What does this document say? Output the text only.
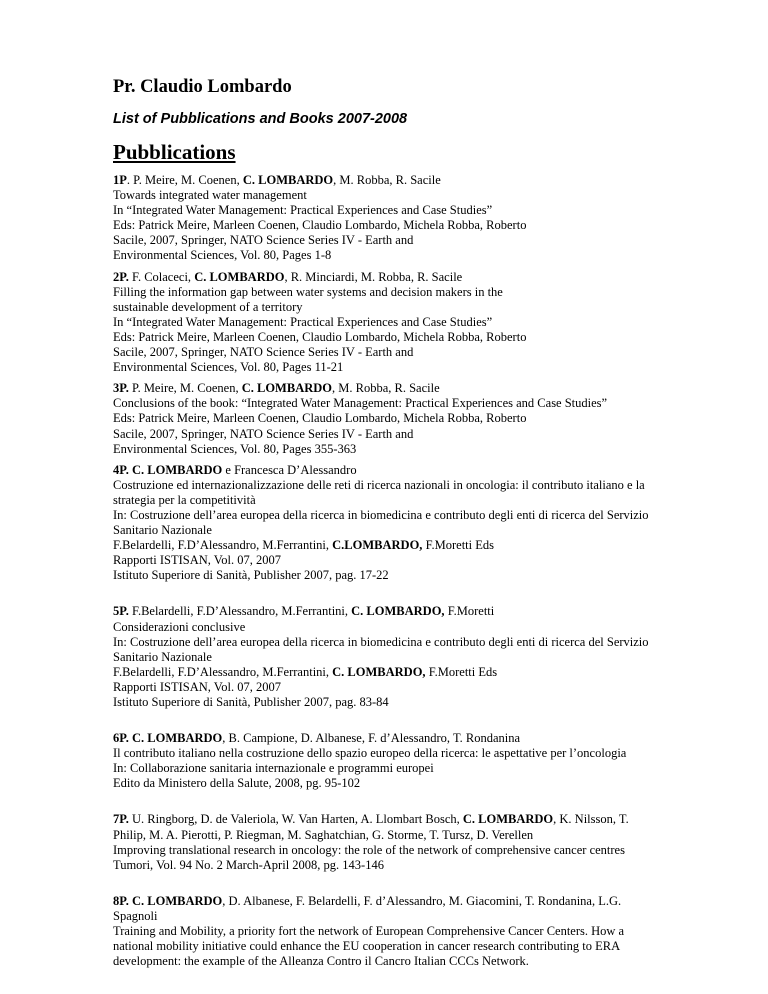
Pr. Claudio Lombardo
List of Pubblications and Books 2007-2008
Pubblications
1P. P. Meire, M. Coenen, C. LOMBARDO, M. Robba, R. Sacile
Towards integrated water management
In “Integrated Water Management: Practical Experiences and Case Studies”
Eds: Patrick Meire, Marleen Coenen, Claudio Lombardo, Michela Robba, Roberto
Sacile, 2007, Springer, NATO Science Series IV - Earth and
Environmental Sciences, Vol. 80, Pages 1-8
2P. F. Colaceci, C. LOMBARDO, R. Minciardi, M. Robba, R. Sacile
Filling the information gap between water systems and decision makers in the
sustainable development of a territory
In “Integrated Water Management: Practical Experiences and Case Studies”
Eds: Patrick Meire, Marleen Coenen, Claudio Lombardo, Michela Robba, Roberto
Sacile, 2007, Springer, NATO Science Series IV - Earth and
Environmental Sciences, Vol. 80, Pages 11-21
3P. P. Meire, M. Coenen, C. LOMBARDO, M. Robba, R. Sacile
Conclusions of the book: “Integrated Water Management: Practical Experiences and Case Studies”
Eds: Patrick Meire, Marleen Coenen, Claudio Lombardo, Michela Robba, Roberto
Sacile, 2007, Springer, NATO Science Series IV - Earth and
Environmental Sciences, Vol. 80, Pages 355-363
4P. C. LOMBARDO e Francesca D’Alessandro
Costruzione ed internazionalizzazione delle reti di ricerca nazionali in oncologia: il contributo italiano e la
strategia per la competitività
In: Costruzione dell’area europea della ricerca in biomedicina e contributo degli enti di ricerca del Servizio
Sanitario Nazionale
F.Belardelli, F.D’Alessandro, M.Ferrantini, C.LOMBARDO, F.Moretti Eds
Rapporti ISTISAN, Vol. 07, 2007
Istituto Superiore di Sanità, Publisher 2007, pag. 17-22
5P. F.Belardelli, F.D’Alessandro, M.Ferrantini, C. LOMBARDO, F.Moretti
Considerazioni conclusive
In: Costruzione dell’area europea della ricerca in biomedicina e contributo degli enti di ricerca del Servizio
Sanitario Nazionale
F.Belardelli, F.D’Alessandro, M.Ferrantini, C. LOMBARDO, F.Moretti Eds
Rapporti ISTISAN, Vol. 07, 2007
Istituto Superiore di Sanità, Publisher 2007, pag. 83-84
6P. C. LOMBARDO, B. Campione, D. Albanese, F. d’Alessandro, T. Rondanina
Il contributo italiano nella costruzione dello spazio europeo della ricerca: le aspettative per l’oncologia
In: Collaborazione sanitaria internazionale e programmi europei
Edito da Ministero della Salute, 2008, pg. 95-102
7P. U. Ringborg, D. de Valeriola, W. Van Harten, A. Llombart Bosch, C. LOMBARDO, K. Nilsson, T.
Philip, M. A. Pierotti, P. Riegman, M. Saghatchian, G. Storme, T. Tursz, D. Verellen
Improving translational research in oncology: the role of the network of comprehensive cancer centres
Tumori, Vol. 94 No. 2 March-April 2008, pg. 143-146
8P. C. LOMBARDO, D. Albanese, F. Belardelli, F. d’Alessandro, M. Giacomini, T. Rondanina, L.G.
Spagnoli
Training and Mobility, a priority fort the network of European Comprehensive Cancer Centers. How a
national mobility initiative could enhance the EU cooperation in cancer research contributing to ERA
development: the example of the Alleanza Contro il Cancro Italian CCCs Network.
